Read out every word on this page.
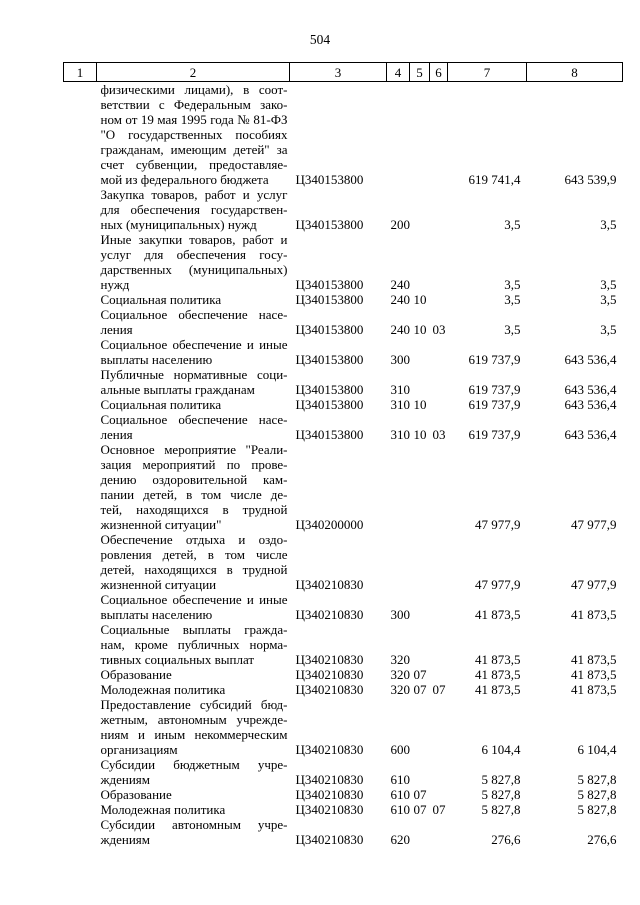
504
1	2	3	4	5	6	7	8

физическими лицами), в соот-
ветствии с Федеральным зако-
ном от 19 мая 1995 года № 81-ФЗ
"О государственных пособиях
гражданам, имеющим детей" за
счет субвенции, предоставляе-
мой из федерального бюджета	Ц340153800				619 741,4	643 539,9

	Закупка товаров, работ и услуг
для обеспечения государствен-
ных (муниципальных) нужд	Ц340153800	200			3,5	3,5

	Иные закупки товаров, работ и
услуг для обеспечения госу-
дарственных (муниципальных)
нужд	Ц340153800	240			3,5	3,5

	Социальная политика	Ц340153800	240	10		3,5	3,5

	Социальное обеспечение насе-
ления	Ц340153800	240	10	03	3,5	3,5

	Социальное обеспечение и иные
выплаты населению	Ц340153800	300			619 737,9	643 536,4

	Публичные нормативные соци-
альные выплаты гражданам	Ц340153800	310			619 737,9	643 536,4

	Социальная политика	Ц340153800	310	10		619 737,9	643 536,4

	Социальное обеспечение насе-
ления	Ц340153800	310	10	03	619 737,9	643 536,4

Основное мероприятие "Реали-
зация мероприятий по прове-
дению оздоровительной кам-
пании детей, в том числе де-
тей, находящихся в трудной
жизненной ситуации"	Ц340200000				47 977,9	47 977,9

	Обеспечение отдыха и оздо-
ровления детей, в том числе
детей, находящихся в трудной
жизненной ситуации	Ц340210830				47 977,9	47 977,9

	Социальное обеспечение и иные
выплаты населению	Ц340210830	300			41 873,5	41 873,5

	Социальные выплаты гражда-
нам, кроме публичных норма-
тивных социальных выплат	Ц340210830	320			41 873,5	41 873,5

	Образование	Ц340210830	320	07		41 873,5	41 873,5

	Молодежная политика	Ц340210830	320	07	07	41 873,5	41 873,5

	Предоставление субсидий бюд-
жетным, автономным учрежде-
ниям и иным некоммерческим
организациям	Ц340210830	600			6 104,4	6 104,4

	Субсидии бюджетным учре-
ждениям	Ц340210830	610			5 827,8	5 827,8

	Образование	Ц340210830	610	07		5 827,8	5 827,8

	Молодежная политика	Ц340210830	610	07	07	5 827,8	5 827,8

	Субсидии автономным учре-
ждениям	Ц340210830	620			276,6	276,6
